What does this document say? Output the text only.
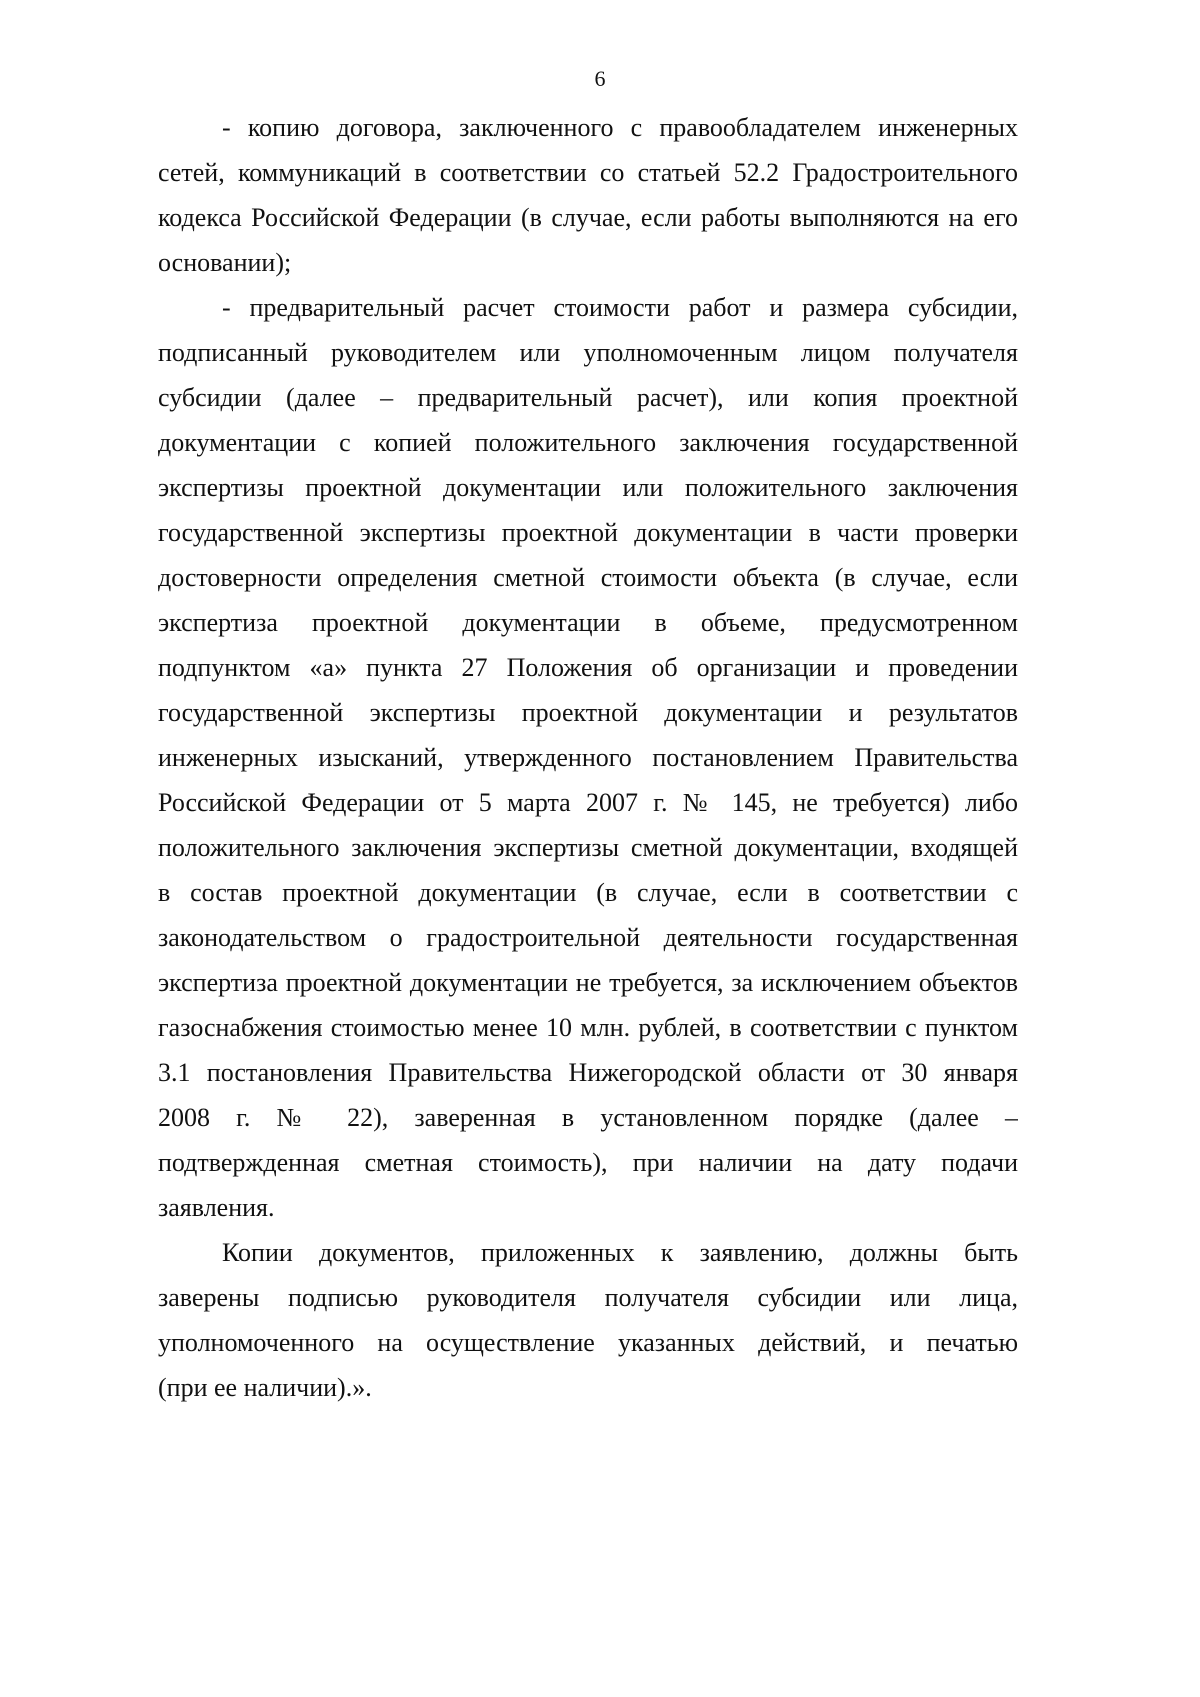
6
- копию договора, заключенного с правообладателем инженерных
сетей, коммуникаций в соответствии со статьей 52.2 Градостроительного
кодекса Российской Федерации (в случае, если работы выполняются на его
основании);
- предварительный расчет стоимости работ и размера субсидии,
подписанный руководителем или уполномоченным лицом получателя
субсидии (далее – предварительный расчет), или копия проектной
документации с копией положительного заключения государственной
экспертизы проектной документации или положительного заключения
государственной экспертизы проектной документации в части проверки
достоверности определения сметной стоимости объекта (в случае, если
экспертиза проектной документации в объеме, предусмотренном
подпунктом «а» пункта 27 Положения об организации и проведении
государственной экспертизы проектной документации и результатов
инженерных изысканий, утвержденного постановлением Правительства
Российской Федерации от 5 марта 2007 г. № 145, не требуется) либо
положительного заключения экспертизы сметной документации, входящей
в состав проектной документации (в случае, если в соответствии с
законодательством о градостроительной деятельности государственная
экспертиза проектной документации не требуется, за исключением объектов
газоснабжения стоимостью менее 10 млн. рублей, в соответствии с пунктом
3.1 постановления Правительства Нижегородской области от 30 января
2008 г. № 22), заверенная в установленном порядке (далее –
подтвержденная сметная стоимость), при наличии на дату подачи
заявления.
Копии документов, приложенных к заявлению, должны быть
заверены подписью руководителя получателя субсидии или лица,
уполномоченного на осуществление указанных действий, и печатью
(при ее наличии).».
